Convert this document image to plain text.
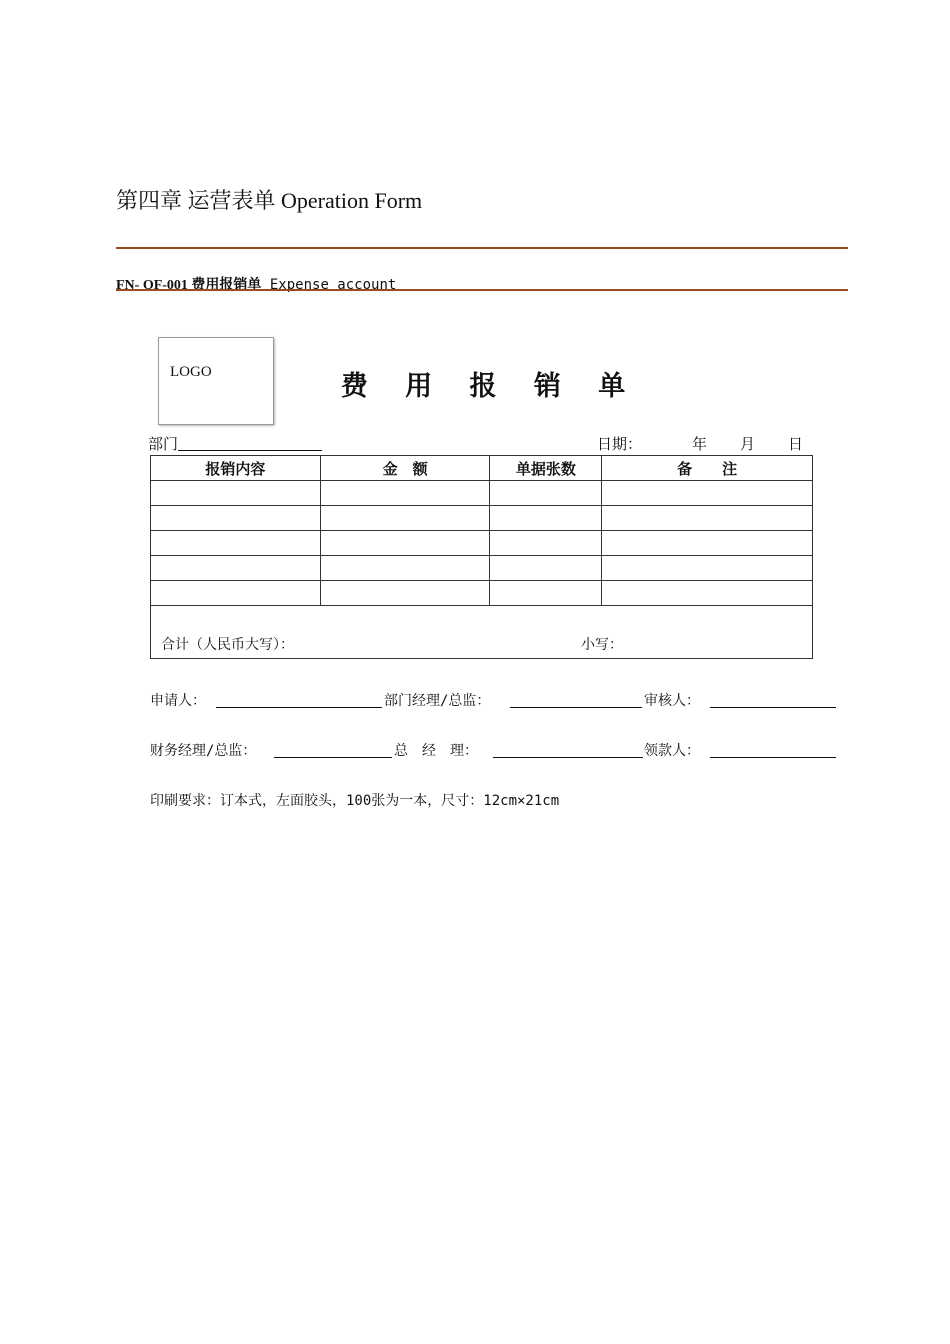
第四章 运营表单 Operation Form
FN- OF-001 费用报销单 Expense account
LOGO	费 用 报 销 单
部门	日期：	年 月 日
报销内容	金　额	单据张数	备　　注

合计（人民币大写）： 小写：			
申请人：	部门经理/总监：	审核人：
财务经理/总监：	总　经　理：	领款人：
印刷要求：订本式，左面胶头，100张为一本，尺寸：12cm×21cm
